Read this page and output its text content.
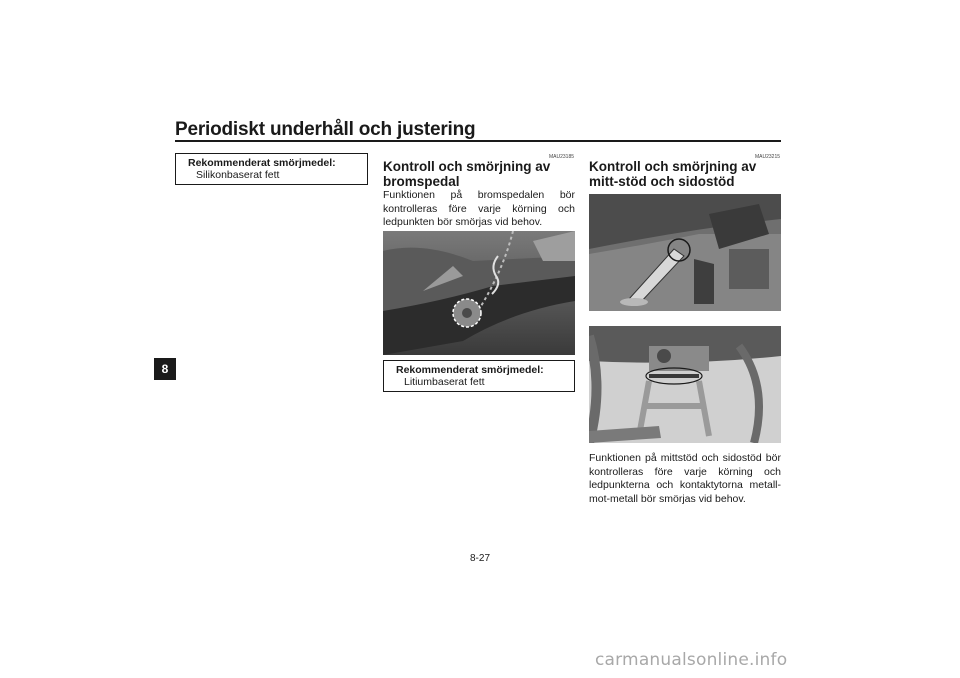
Periodiskt underhåll och justering
8
Rekommenderat smörjmedel:
Silikonbaserat fett
MAU23185
Kontroll och smörjning av bromspedal

Funktionen på bromspedalen bör kontrolleras före varje körning och ledpunkten bör smörjas vid behov.

Rekommenderat smörjmedel:
Litiumbaserat fett
MAU23215
Kontroll och smörjning av mitt-stöd och sidostöd

Funktionen på mittstöd och sidostöd bör kontrolleras före varje körning och ledpunkterna och kontaktytorna metall-mot-metall bör smörjas vid behov.

8-27
carmanualsonline.info
